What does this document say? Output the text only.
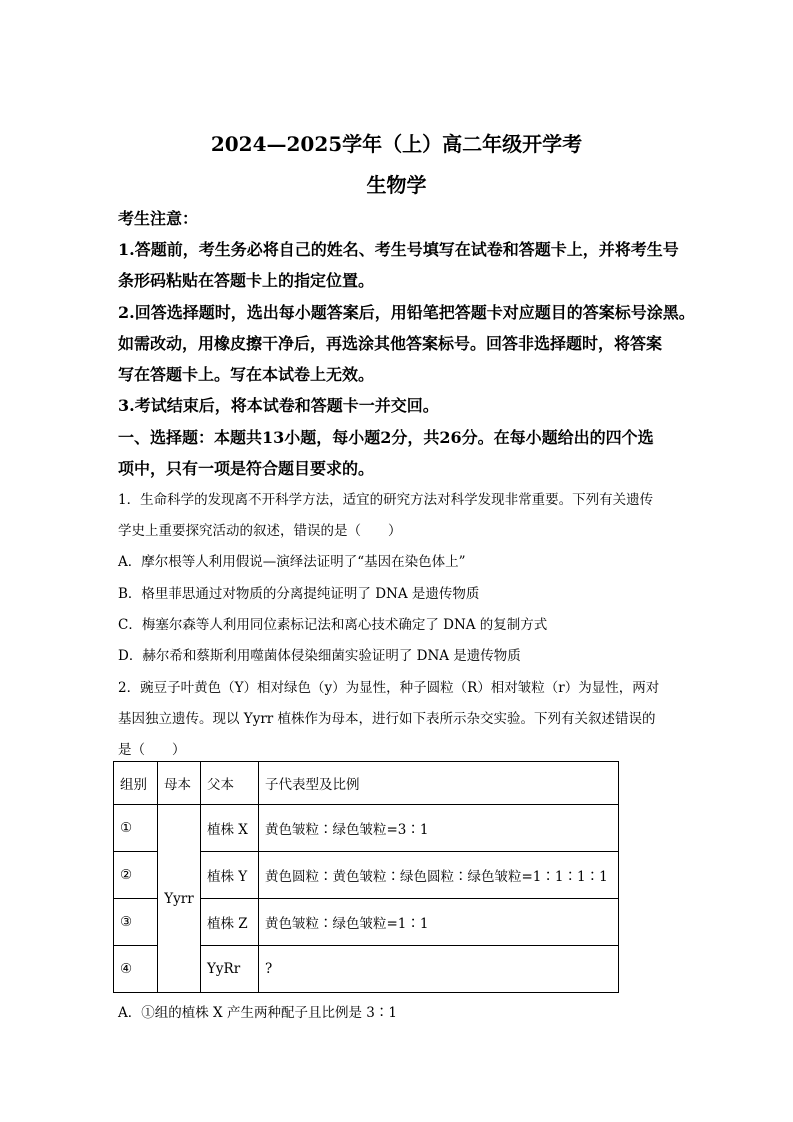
2024—2025学年（上）高二年级开学考
生物学
考生注意：
1.答题前，考生务必将自己的姓名、考生号填写在试卷和答题卡上，并将考生号
条形码粘贴在答题卡上的指定位置。
2.回答选择题时，选出每小题答案后，用铅笔把答题卡对应题目的答案标号涂黑。
如需改动，用橡皮擦干净后，再选涂其他答案标号。回答非选择题时，将答案
写在答题卡上。写在本试卷上无效。
3.考试结束后，将本试卷和答题卡一并交回。
一、选择题：本题共13小题，每小题2分，共26分。在每小题给出的四个选
项中，只有一项是符合题目要求的。
1．生命科学的发现离不开科学方法，适宜的研究方法对科学发现非常重要。下列有关遗传
学史上重要探究活动的叙述，错误的是（　　）
A．摩尔根等人利用假说—演绎法证明了“基因在染色体上”
B．格里菲思通过对物质的分离提纯证明了 DNA 是遗传物质
C．梅塞尔森等人利用同位素标记法和离心技术确定了 DNA 的复制方式
D．赫尔希和蔡斯利用噬菌体侵染细菌实验证明了 DNA 是遗传物质
2．豌豆子叶黄色（Y）相对绿色（y）为显性，种子圆粒（R）相对皱粒（r）为显性，两对
基因独立遗传。现以 Yyrr 植株作为母本，进行如下表所示杂交实验。下列有关叙述错误的
是（　　）
组别	母本	父本	子代表型及比例
①	Yyrr	植株 X	黄色皱粒∶绿色皱粒=3∶1
②		植株 Y	黄色圆粒∶黄色皱粒∶绿色圆粒∶绿色皱粒=1∶1∶1∶1
③		植株 Z	黄色皱粒∶绿色皱粒=1∶1
④		YyRr	?
A．①组的植株 X 产生两种配子且比例是 3∶1
